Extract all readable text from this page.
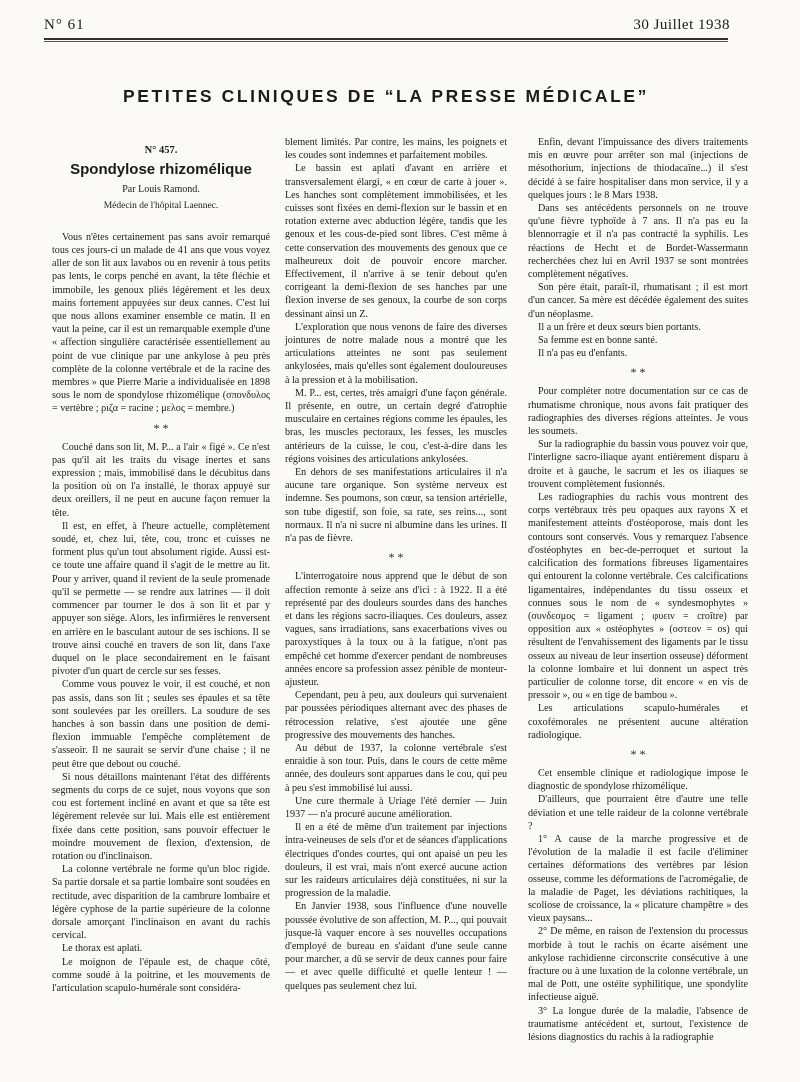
N° 61	30 Juillet 1938
PETITES CLINIQUES DE “LA PRESSE MÉDICALE”
N° 457.
Spondylose rhizomélique
Par Louis Ramond.
Médecin de l'hôpital Laennec.

Vous n'êtes certainement pas sans avoir remarqué tous ces jours-ci un malade de 41 ans que vous voyez aller de son lit aux lavabos ou en revenir à tous petits pas lents, le corps penché en avant, la tête fléchie et immobile, les genoux pliés légèrement et les deux mains fortement appuyées sur deux cannes. C'est lui que nous allons examiner ensemble ce matin. Il en vaut la peine, car il est un remarquable exemple d'une « affection singulière caractérisée essentiellement au point de vue clinique par une ankylose à peu près complète de la colonne vertébrale et de la racine des membres » que Pierre Marie a individualisée en 1898 sous le nom de spondylose rhizomélique (σπονδυλος = vertèbre ; ριζα = racine ; μελος = membre.)

* *

Couché dans son lit, M. P... a l'air « figé ». Ce n'est pas qu'il ait les traits du visage inertes et sans expression ; mais, immobilisé dans le décubitus dans la position où on l'a installé, le thorax appuyé sur deux oreillers, il ne peut en aucune façon remuer la tête.

Il est, en effet, à l'heure actuelle, complètement soudé, et, chez lui, tête, cou, tronc et cuisses ne forment plus qu'un tout absolument rigide. Aussi est-ce toute une affaire quand il s'agit de le mettre au lit. Pour y arriver, quand il revient de la seule promenade qu'il se permette — se rendre aux latrines — il doit commencer par tourner le dos à son lit et par y appuyer son siège. Alors, les infirmières le renversent en arrière en le basculant autour de ses ischions. Il se trouve ainsi couché en travers de son lit, dans l'axe duquel on le place secondairement en le faisant pivoter d'un quart de cercle sur ses fesses.

Comme vous pouvez le voir, il est couché, et non pas assis, dans son lit ; seules ses épaules et sa tête sont soulevées par les oreillers. La soudure de ses hanches à son bassin dans une position de demi-flexion immuable l'empêche complètement de s'asseoir. Il ne saurait se servir d'une chaise ; il ne peut être que debout ou couché.

Si nous détaillons maintenant l'état des différents segments du corps de ce sujet, nous voyons que son cou est fortement incliné en avant et que sa tête est légèrement relevée sur lui. Mais elle est entièrement fixée dans cette position, sans pouvoir effectuer le moindre mouvement de flexion, d'extension, de rotation ou d'inclinaison.

La colonne vertébrale ne forme qu'un bloc rigide. Sa partie dorsale et sa partie lombaire sont soudées en rectitude, avec disparition de la cambrure lombaire et légère cyphose de la partie supérieure de la colonne dorsale amorçant l'inclinaison en avant du rachis cervical.

Le thorax est aplati.

Le moignon de l'épaule est, de chaque côté, comme soudé à la poitrine, et les mouvements de l'articulation scapulo-humérale sont considéra-

blement limités. Par contre, les mains, les poignets et les coudes sont indemnes et parfaitement mobiles.

Le bassin est aplati d'avant en arrière et transversalement élargi, « en cœur de carte à jouer ». Les hanches sont complètement immobilisées, et les cuisses sont fixées en demi-flexion sur le bassin et en rotation externe avec abduction légère, tandis que les genoux et les cous-de-pied sont libres. C'est même à cette conservation des mouvements des genoux que ce malheureux doit de pouvoir encore marcher. Effectivement, il n'arrive à se tenir debout qu'en corrigeant la demi-flexion de ses hanches par une flexion inverse de ses genoux, la courbe de son corps dessinant ainsi un Z.

L'exploration que nous venons de faire des diverses jointures de notre malade nous a montré que les articulations atteintes ne sont pas seulement ankylosées, mais qu'elles sont également douloureuses à la pression et à la mobilisation.

M. P... est, certes, très amaigri d'une façon générale. Il présente, en outre, un certain degré d'atrophie musculaire en certaines régions comme les épaules, les bras, les muscles pectoraux, les fesses, les muscles antérieurs de la cuisse, le cou, c'est-à-dire dans les régions voisines des articulations ankylosées.

En dehors de ses manifestations articulaires il n'a aucune tare organique. Son système nerveux est indemne. Ses poumons, son cœur, sa tension artérielle, son tube digestif, son foie, sa rate, ses reins..., sont normaux. Il n'a ni sucre ni albumine dans les urines. Il n'a pas de fièvre.

* *

L'interrogatoire nous apprend que le début de son affection remonte à seize ans d'ici : à 1922. Il a été représenté par des douleurs sourdes dans des hanches et dans les régions sacro-iliaques. Ces douleurs, assez vagues, sans irradiations, sans exacerbations vives ou paroxystiques à la toux ou à la fatigue, n'ont pas empêché cet homme d'exercer pendant de nombreuses années encore sa profession assez pénible de monteur-ajusteur.

Cependant, peu à peu, aux douleurs qui survenaient par poussées périodiques alternant avec des phases de rétrocession relative, s'est ajoutée une gêne progressive des mouvements des hanches.

Au début de 1937, la colonne vertébrale s'est enraidie à son tour. Puis, dans le cours de cette même année, des douleurs sont apparues dans le cou, qui peu à peu s'est immobilisé lui aussi.

Une cure thermale à Uriage l'été dernier — Juin 1937 — n'a procuré aucune amélioration.

Il en a été de même d'un traitement par injections intra-veineuses de sels d'or et de séances d'applications électriques d'ondes courtes, qui ont apaisé un peu les douleurs, il est vrai, mais n'ont exercé aucune action sur les raideurs articulaires déjà constituées, ni sur la progression de la maladie.

En Janvier 1938, sous l'influence d'une nouvelle poussée évolutive de son affection, M. P..., qui pouvait jusque-là vaquer encore à ses nouvelles occupations d'employé de bureau en s'aidant d'une seule canne pour marcher, a dû se servir de deux cannes pour faire — et avec quelle difficulté et quelle lenteur ! — quelques pas seulement chez lui.

Enfin, devant l'impuissance des divers traitements mis en œuvre pour arrêter son mal (injections de mésothorium, injections de thiodacaïne...) il s'est décidé à se faire hospitaliser dans mon service, il y a quelques jours : le 8 Mars 1938.

Dans ses antécédents personnels on ne trouve qu'une fièvre typhoïde à 7 ans. Il n'a pas eu la blennorragie et il n'a pas contracté la syphilis. Les réactions de Hecht et de Bordet-Wassermann recherchées chez lui en Avril 1937 se sont montrées complètement négatives.

Son père était, paraît-il, rhumatisant ; il est mort d'un cancer. Sa mère est décédée également des suites d'un néoplasme.

Il a un frère et deux sœurs bien portants.

Sa femme est en bonne santé.

Il n'a pas eu d'enfants.

* *

Pour compléter notre documentation sur ce cas de rhumatisme chronique, nous avons fait pratiquer des radiographies des diverses régions atteintes. Je vous les soumets.

Sur la radiographie du bassin vous pouvez voir que, l'interligne sacro-iliaque ayant entièrement disparu à droite et à gauche, le sacrum et les os iliaques se trouvent complètement fusionnés.

Les radiographies du rachis vous montrent des corps vertébraux très peu opaques aux rayons X et manifestement atteints d'ostéoporose, mais dont les contours sont conservés. Vous y remarquez l'absence d'ostéophytes en bec-de-perroquet et surtout la calcification des formations fibreuses ligamentaires qui entourent la colonne vertébrale. Ces calcifications ligamentaires, indépendantes du tissu osseux et connues sous le nom de « syndesmophytes » (συνδεσμος = ligament ; φυειν = croître) par opposition aux « ostéophytes » (οστεον = os) qui résultent de l'envahissement des ligaments par le tissu osseux au niveau de leur insertion osseuse) déforment la colonne lombaire et lui donnent un aspect très particulier de colonne torse, dit encore « en vis de pressoir », ou « en tige de bambou ».

Les articulations scapulo-humérales et coxofémorales ne présentent aucune altération radiologique.

* *

Cet ensemble clinique et radiologique impose le diagnostic de spondylose rhizomélique.

D'ailleurs, que pourraient être d'autre une telle déviation et une telle raideur de la colonne vertébrale ?

1° A cause de la marche progressive et de l'évolution de la maladie il est facile d'éliminer certaines déformations des vertèbres par lésion osseuse, comme les déformations de l'acromégalie, de la maladie de Paget, les déviations rachitiques, la scoliose de croissance, la « plicature champêtre » des vieux paysans...

2° De même, en raison de l'extension du processus morbide à tout le rachis on écarte aisément une ankylose rachidienne circonscrite consécutive à une fracture ou à une luxation de la colonne vertébrale, un mal de Pott, une ostéite syphilitique, une spondylite infectieuse aiguë.

3° La longue durée de la maladie, l'absence de traumatisme antécédent et, surtout, l'existence de lésions diagnostics du rachis à la radiographie
